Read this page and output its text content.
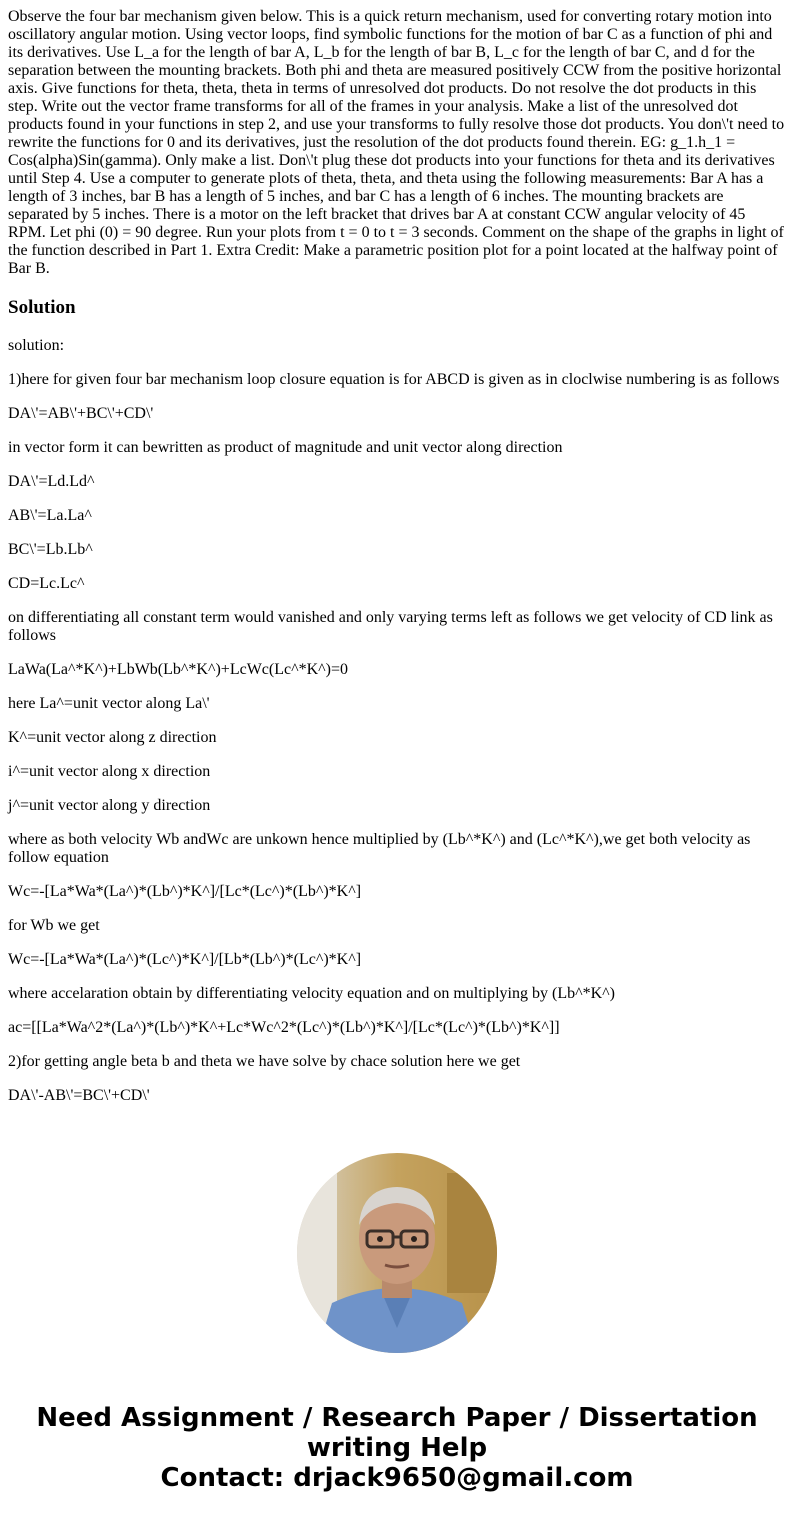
Observe the four bar mechanism given below. This is a quick return mechanism, used for converting rotary motion into oscillatory angular motion. Using vector loops, find symbolic functions for the motion of bar C as a function of phi and its derivatives. Use L_a for the length of bar A, L_b for the length of bar B, L_c for the length of bar C, and d for the separation between the mounting brackets. Both phi and theta are measured positively CCW from the positive horizontal axis. Give functions for theta, theta, theta in terms of unresolved dot products. Do not resolve the dot products in this step. Write out the vector frame transforms for all of the frames in your analysis. Make a list of the unresolved dot products found in your functions in step 2, and use your transforms to fully resolve those dot products. You don\'t need to rewrite the functions for 0 and its derivatives, just the resolution of the dot products found therein. EG: g_1.h_1 = Cos(alpha)Sin(gamma). Only make a list. Don\'t plug these dot products into your functions for theta and its derivatives until Step 4. Use a computer to generate plots of theta, theta, and theta using the following measurements: Bar A has a length of 3 inches, bar B has a length of 5 inches, and bar C has a length of 6 inches. The mounting brackets are separated by 5 inches. There is a motor on the left bracket that drives bar A at constant CCW angular velocity of 45 RPM. Let phi (0) = 90 degree. Run your plots from t = 0 to t = 3 seconds. Comment on the shape of the graphs in light of the function described in Part 1. Extra Credit: Make a parametric position plot for a point located at the halfway point of Bar B.

Solution

solution:

1)here for given four bar mechanism loop closure equation is for ABCD is given as in cloclwise numbering is as follows

DA\'=AB\'+BC\'+CD\'

in vector form it can bewritten as product of magnitude and unit vector along direction

DA\'=Ld.Ld^

AB\'=La.La^

BC\'=Lb.Lb^

CD=Lc.Lc^

on differentiating all constant term would vanished and only varying terms left as follows we get velocity of CD link as follows

LaWa(La^*K^)+LbWb(Lb^*K^)+LcWc(Lc^*K^)=0

here La^=unit vector along La\'

K^=unit vector along z direction

i^=unit vector along x direction

j^=unit vector along y direction

where as both velocity Wb andWc are unkown hence multiplied by (Lb^*K^) and (Lc^*K^),we get both velocity as follow equation

Wc=-[La*Wa*(La^)*(Lb^)*K^]/[Lc*(Lc^)*(Lb^)*K^]

for Wb we get

Wc=-[La*Wa*(La^)*(Lc^)*K^]/[Lb*(Lb^)*(Lc^)*K^]

where accelaration obtain by differentiating velocity equation and on multiplying by (Lb^*K^)

ac=[[La*Wa^2*(La^)*(Lb^)*K^+Lc*Wc^2*(Lc^)*(Lb^)*K^]/[Lc*(Lc^)*(Lb^)*K^]]

2)for getting angle beta b and theta we have solve by chace solution here we get

DA\'-AB\'=BC\'+CD\'

Need Assignment / Research Paper / Dissertation
writing Help
Contact: drjack9650@gmail.com
